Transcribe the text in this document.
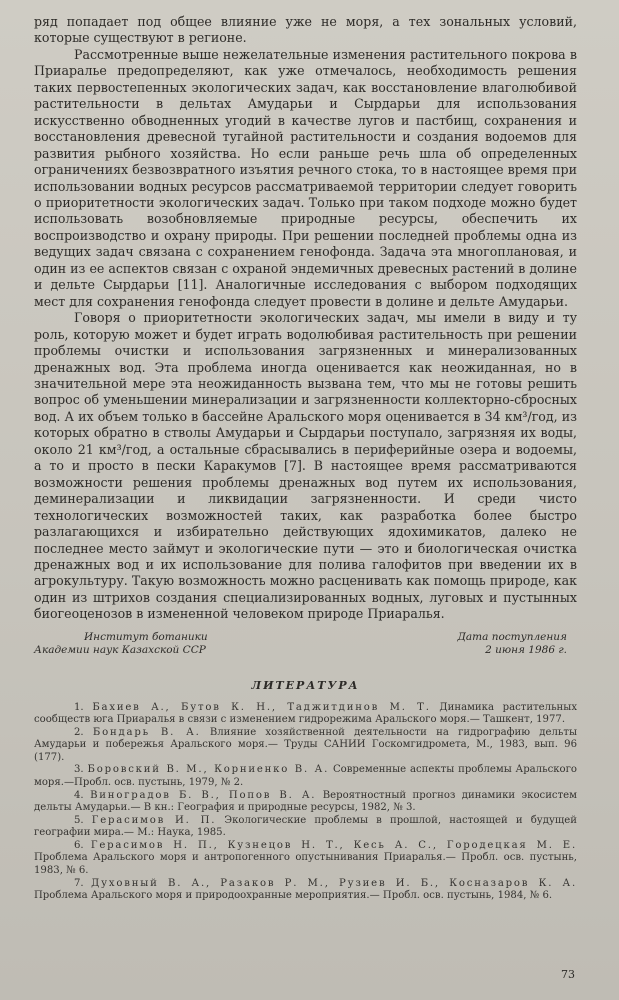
ряд попадает под общее влияние уже не моря, а тех зональных условий, которые существуют в регионе.

Рассмотренные выше нежелательные изменения растительного покрова в Приаралье предопределяют, как уже отмечалось, необходимость решения таких первостепенных экологических задач, как восстановление влаголюбивой растительности в дельтах Амударьи и Сырдарьи для использования искусственно обводненных угодий в качестве лугов и пастбищ, сохранения и восстановления древесной тугайной растительности и создания водоемов для развития рыбного хозяйства. Но если раньше речь шла об определенных ограничениях безвозвратного изъятия речного стока, то в настоящее время при использовании водных ресурсов рассматриваемой территории следует говорить о приоритетности экологических задач. Только при таком подходе можно будет использовать возобновляемые природные ресурсы, обеспечить их воспроизводство и охрану природы. При решении последней проблемы одна из ведущих задач связана с сохранением генофонда. Задача эта многоплановая, и один из ее аспектов связан с охраной эндемичных древесных растений в долине и дельте Сырдарьи [11]. Аналогичные исследования с выбором подходящих мест для сохранения генофонда следует провести в долине и дельте Амударьи.

Говоря о приоритетности экологических задач, мы имели в виду и ту роль, которую может и будет играть водолюбивая растительность при решении проблемы очистки и использования загрязненных и минерализованных дренажных вод. Эта проблема иногда оценивается как неожиданная, но в значительной мере эта неожиданность вызвана тем, что мы не готовы решить вопрос об уменьшении минерализации и загрязненности коллекторно-сбросных вод. А их объем только в бассейне Аральского моря оценивается в 34 км³/год, из которых обратно в стволы Амударьи и Сырдарьи поступало, загрязняя их воды, около 21 км³/год, а остальные сбрасывались в периферийные озера и водоемы, а то и просто в пески Каракумов [7]. В настоящее время рассматриваются возможности решения проблемы дренажных вод путем их использования, деминерализации и ликвидации загрязненности. И среди чисто технологических возможностей таких, как разработка более быстро разлагающихся и избирательно действующих ядохимикатов, далеко не последнее место займут и экологические пути — это и биологическая очистка дренажных вод и их использование для полива галофитов при введении их в агрокультуру. Такую возможность можно расценивать как помощь природе, как один из штрихов создания специализированных водных, луговых и пустынных биогеоценозов в измененной человеком природе Приаралья.

Институт ботаники
Академии наук Казахской ССР
Дата поступления
2 июня 1986 г.
ЛИТЕРАТУРА
1. Бахиев А., Бутов К. Н., Таджитдинов М. Т. Динамика растительных сообществ юга Приаралья в связи с изменением гидрорежима Аральского моря.— Ташкент, 1977.
2. Бондарь В. А. Влияние хозяйственной деятельности на гидрографию дельты Амударьи и побережья Аральского моря.— Труды САНИИ Госкомгидромета, М., 1983, вып. 96 (177).
3. Боровский В. М., Корниенко В. А. Современные аспекты проблемы Аральского моря.—Пробл. осв. пустынь, 1979, № 2.
4. Виноградов Б. В., Попов В. А. Вероятностный прогноз динамики экосистем дельты Амударьи.— В кн.: География и природные ресурсы, 1982, № 3.
5. Герасимов И. П. Экологические проблемы в прошлой, настоящей и будущей географии мира.— М.: Наука, 1985.
6. Герасимов Н. П., Кузнецов Н. Т., Кесь А. С., Городецкая М. Е. Проблема Аральского моря и антропогенного опустынивания Приаралья.— Пробл. осв. пустынь, 1983, № 6.
7. Духовный В. А., Разаков Р. М., Рузиев И. Б., Косназаров К. А. Проблема Аральского моря и природоохранные мероприятия.— Пробл. осв. пустынь, 1984, № 6.
73
